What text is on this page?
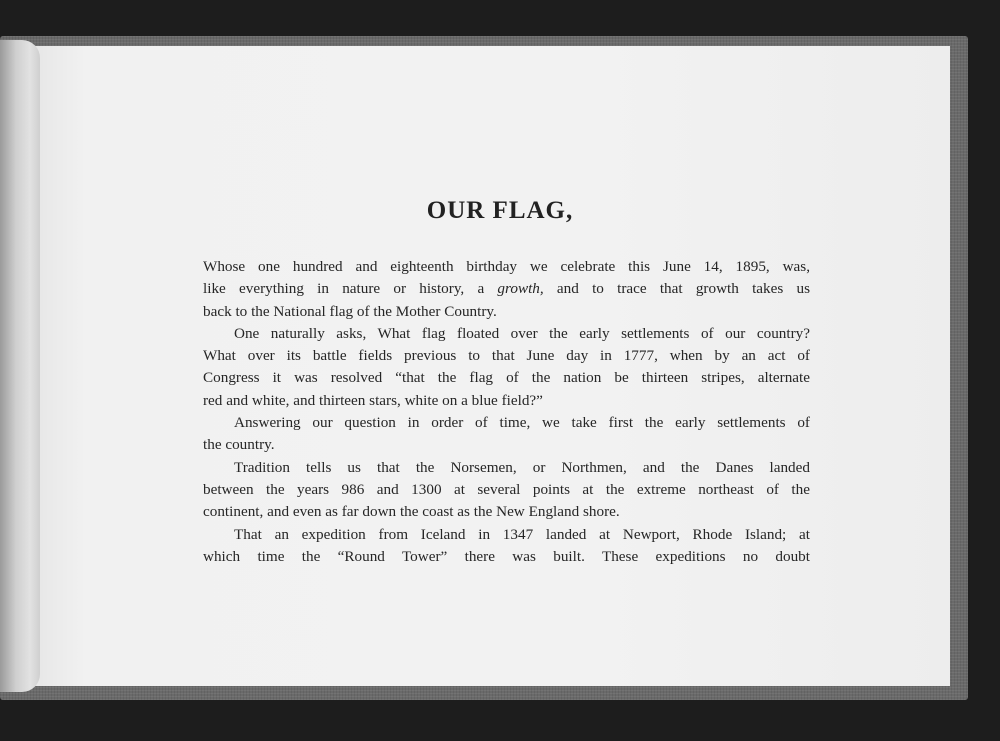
OUR FLAG,
Whose one hundred and eighteenth birthday we celebrate this June 14, 1895, was,
like everything in nature or history, a growth, and to trace that growth takes us
back to the National flag of the Mother Country.
One naturally asks, What flag floated over the early settlements of our country?
What over its battle fields previous to that June day in 1777, when by an act of
Congress it was resolved “that the flag of the nation be thirteen stripes, alternate
red and white, and thirteen stars, white on a blue field?”
Answering our question in order of time, we take first the early settlements of
the country.
Tradition tells us that the Norsemen, or Northmen, and the Danes landed
between the years 986 and 1300 at several points at the extreme northeast of the
continent, and even as far down the coast as the New England shore.
That an expedition from Iceland in 1347 landed at Newport, Rhode Island; at
which time the “Round Tower” there was built. These expeditions no doubt
